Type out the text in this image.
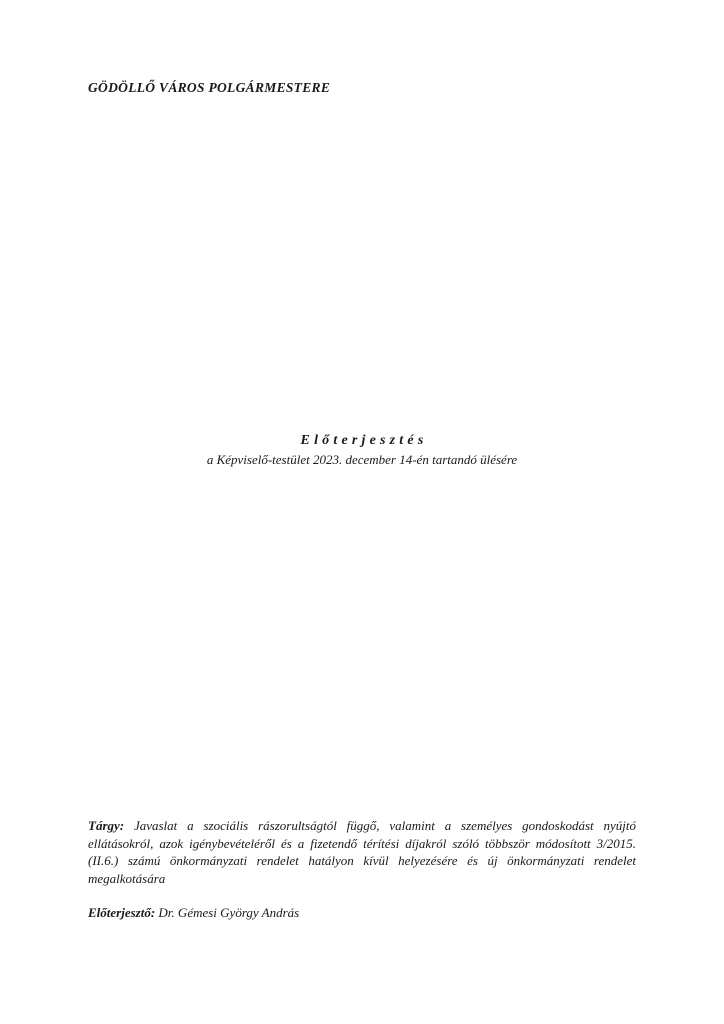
GÖDÖLLŐ VÁROS POLGÁRMESTERE
Előterjesztés
a Képviselő-testület 2023. december 14-én tartandó ülésére
Tárgy: Javaslat a szociális rászorultságtól függő, valamint a személyes gondoskodást nyújtó ellátásokról, azok igénybevételéről és a fizetendő térítési díjakról szóló többször módosított 3/2015.(II.6.) számú önkormányzati rendelet hatályon kívül helyezésére és új önkormányzati rendelet megalkotására
Előterjesztő: Dr. Gémesi György András
